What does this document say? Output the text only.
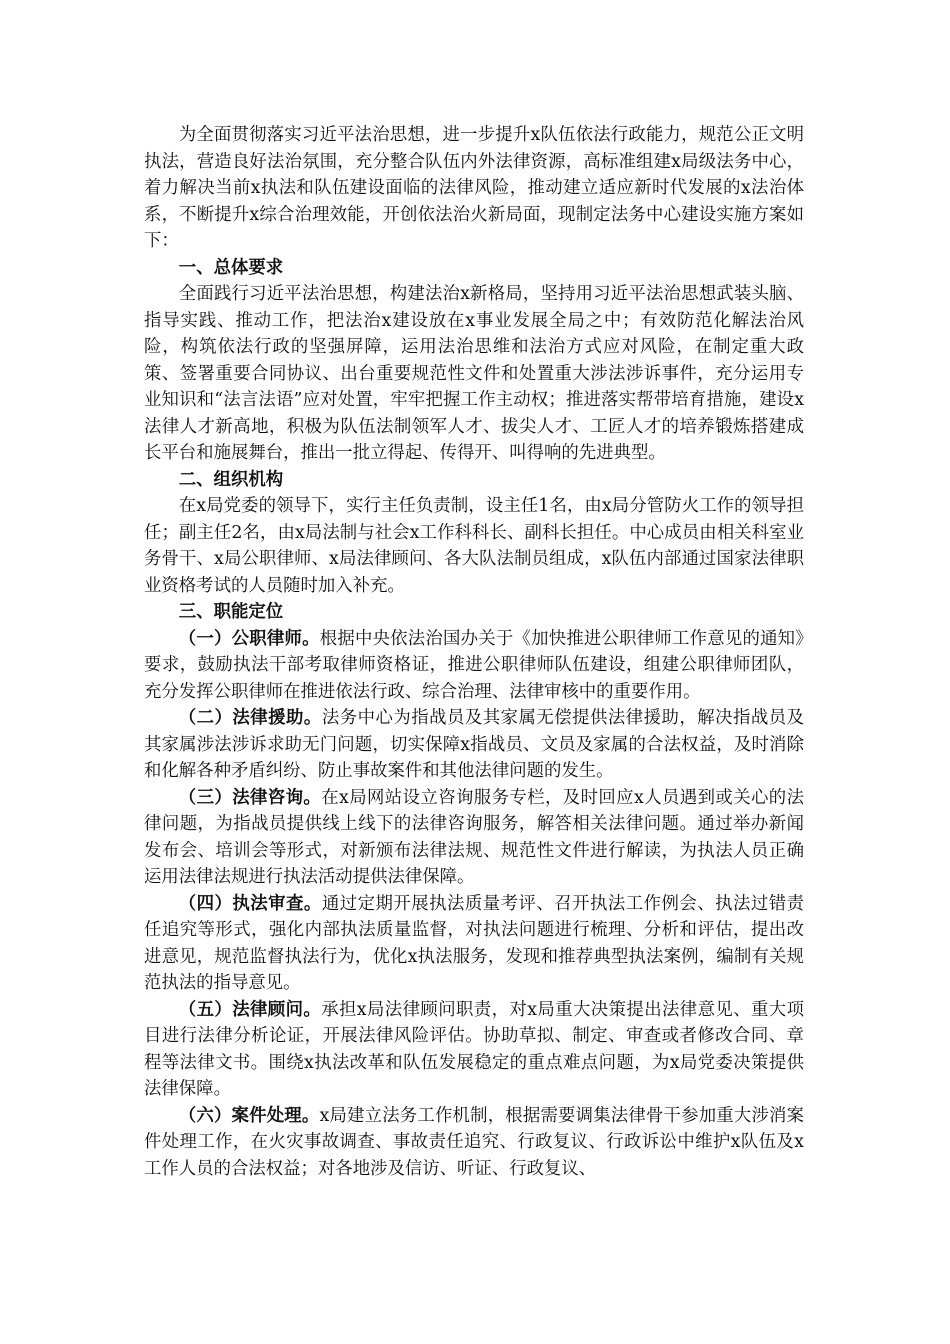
为全面贯彻落实习近平法治思想，进一步提升x队伍依法行政能力，规范公正文明执法，营造良好法治氛围，充分整合队伍内外法律资源，高标准组建x局级法务中心，着力解决当前x执法和队伍建设面临的法律风险，推动建立适应新时代发展的x法治体系，不断提升x综合治理效能，开创依法治火新局面，现制定法务中心建设实施方案如下：

一、总体要求

全面践行习近平法治思想，构建法治x新格局，坚持用习近平法治思想武装头脑、指导实践、推动工作，把法治x建设放在x事业发展全局之中；有效防范化解法治风险，构筑依法行政的坚强屏障，运用法治思维和法治方式应对风险，在制定重大政策、签署重要合同协议、出台重要规范性文件和处置重大涉法涉诉事件，充分运用专业知识和“法言法语”应对处置，牢牢把握工作主动权；推进落实帮带培育措施，建设x法律人才新高地，积极为队伍法制领军人才、拔尖人才、工匠人才的培养锻炼搭建成长平台和施展舞台，推出一批立得起、传得开、叫得响的先进典型。

二、组织机构

在x局党委的领导下，实行主任负责制，设主任1名，由x局分管防火工作的领导担任；副主任2名，由x局法制与社会x工作科科长、副科长担任。中心成员由相关科室业务骨干、x局公职律师、x局法律顾问、各大队法制员组成，x队伍内部通过国家法律职业资格考试的人员随时加入补充。

三、职能定位

（一）公职律师。根据中央依法治国办关于《加快推进公职律师工作意见的通知》要求，鼓励执法干部考取律师资格证，推进公职律师队伍建设，组建公职律师团队，充分发挥公职律师在推进依法行政、综合治理、法律审核中的重要作用。

（二）法律援助。法务中心为指战员及其家属无偿提供法律援助，解决指战员及其家属涉法涉诉求助无门问题，切实保障x指战员、文员及家属的合法权益，及时消除和化解各种矛盾纠纷、防止事故案件和其他法律问题的发生。

（三）法律咨询。在x局网站设立咨询服务专栏，及时回应x人员遇到或关心的法律问题，为指战员提供线上线下的法律咨询服务，解答相关法律问题。通过举办新闻发布会、培训会等形式，对新颁布法律法规、规范性文件进行解读，为执法人员正确运用法律法规进行执法活动提供法律保障。

（四）执法审查。通过定期开展执法质量考评、召开执法工作例会、执法过错责任追究等形式，强化内部执法质量监督，对执法问题进行梳理、分析和评估，提出改进意见，规范监督执法行为，优化x执法服务，发现和推荐典型执法案例，编制有关规范执法的指导意见。

（五）法律顾问。承担x局法律顾问职责，对x局重大决策提出法律意见、重大项目进行法律分析论证，开展法律风险评估。协助草拟、制定、审查或者修改合同、章程等法律文书。围绕x执法改革和队伍发展稳定的重点难点问题，为x局党委决策提供法律保障。

（六）案件处理。x局建立法务工作机制，根据需要调集法律骨干参加重大涉消案件处理工作，在火灾事故调查、事故责任追究、行政复议、行政诉讼中维护x队伍及x工作人员的合法权益；对各地涉及信访、听证、行政复议、
